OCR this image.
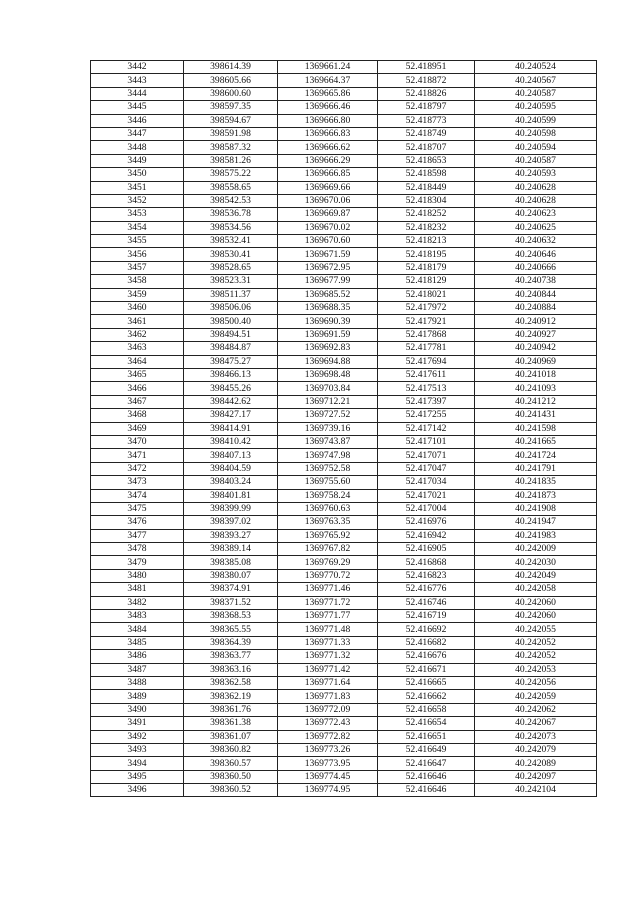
3442	398614.39	1369661.24	52.418951	40.240524
3443	398605.66	1369664.37	52.418872	40.240567
3444	398600.60	1369665.86	52.418826	40.240587
3445	398597.35	1369666.46	52.418797	40.240595
3446	398594.67	1369666.80	52.418773	40.240599
3447	398591.98	1369666.83	52.418749	40.240598
3448	398587.32	1369666.62	52.418707	40.240594
3449	398581.26	1369666.29	52.418653	40.240587
3450	398575.22	1369666.85	52.418598	40.240593
3451	398558.65	1369669.66	52.418449	40.240628
3452	398542.53	1369670.06	52.418304	40.240628
3453	398536.78	1369669.87	52.418252	40.240623
3454	398534.56	1369670.02	52.418232	40.240625
3455	398532.41	1369670.60	52.418213	40.240632
3456	398530.41	1369671.59	52.418195	40.240646
3457	398528.65	1369672.95	52.418179	40.240666
3458	398523.31	1369677.99	52.418129	40.240738
3459	398511.37	1369685.52	52.418021	40.240844
3460	398506.06	1369688.35	52.417972	40.240884
3461	398500.40	1369690.39	52.417921	40.240912
3462	398494.51	1369691.59	52.417868	40.240927
3463	398484.87	1369692.83	52.417781	40.240942
3464	398475.27	1369694.88	52.417694	40.240969
3465	398466.13	1369698.48	52.417611	40.241018
3466	398455.26	1369703.84	52.417513	40.241093
3467	398442.62	1369712.21	52.417397	40.241212
3468	398427.17	1369727.52	52.417255	40.241431
3469	398414.91	1369739.16	52.417142	40.241598
3470	398410.42	1369743.87	52.417101	40.241665
3471	398407.13	1369747.98	52.417071	40.241724
3472	398404.59	1369752.58	52.417047	40.241791
3473	398403.24	1369755.60	52.417034	40.241835
3474	398401.81	1369758.24	52.417021	40.241873
3475	398399.99	1369760.63	52.417004	40.241908
3476	398397.02	1369763.35	52.416976	40.241947
3477	398393.27	1369765.92	52.416942	40.241983
3478	398389.14	1369767.82	52.416905	40.242009
3479	398385.08	1369769.29	52.416868	40.242030
3480	398380.07	1369770.72	52.416823	40.242049
3481	398374.91	1369771.46	52.416776	40.242058
3482	398371.52	1369771.72	52.416746	40.242060
3483	398368.53	1369771.77	52.416719	40.242060
3484	398365.55	1369771.48	52.416692	40.242055
3485	398364.39	1369771.33	52.416682	40.242052
3486	398363.77	1369771.32	52.416676	40.242052
3487	398363.16	1369771.42	52.416671	40.242053
3488	398362.58	1369771.64	52.416665	40.242056
3489	398362.19	1369771.83	52.416662	40.242059
3490	398361.76	1369772.09	52.416658	40.242062
3491	398361.38	1369772.43	52.416654	40.242067
3492	398361.07	1369772.82	52.416651	40.242073
3493	398360.82	1369773.26	52.416649	40.242079
3494	398360.57	1369773.95	52.416647	40.242089
3495	398360.50	1369774.45	52.416646	40.242097
3496	398360.52	1369774.95	52.416646	40.242104
